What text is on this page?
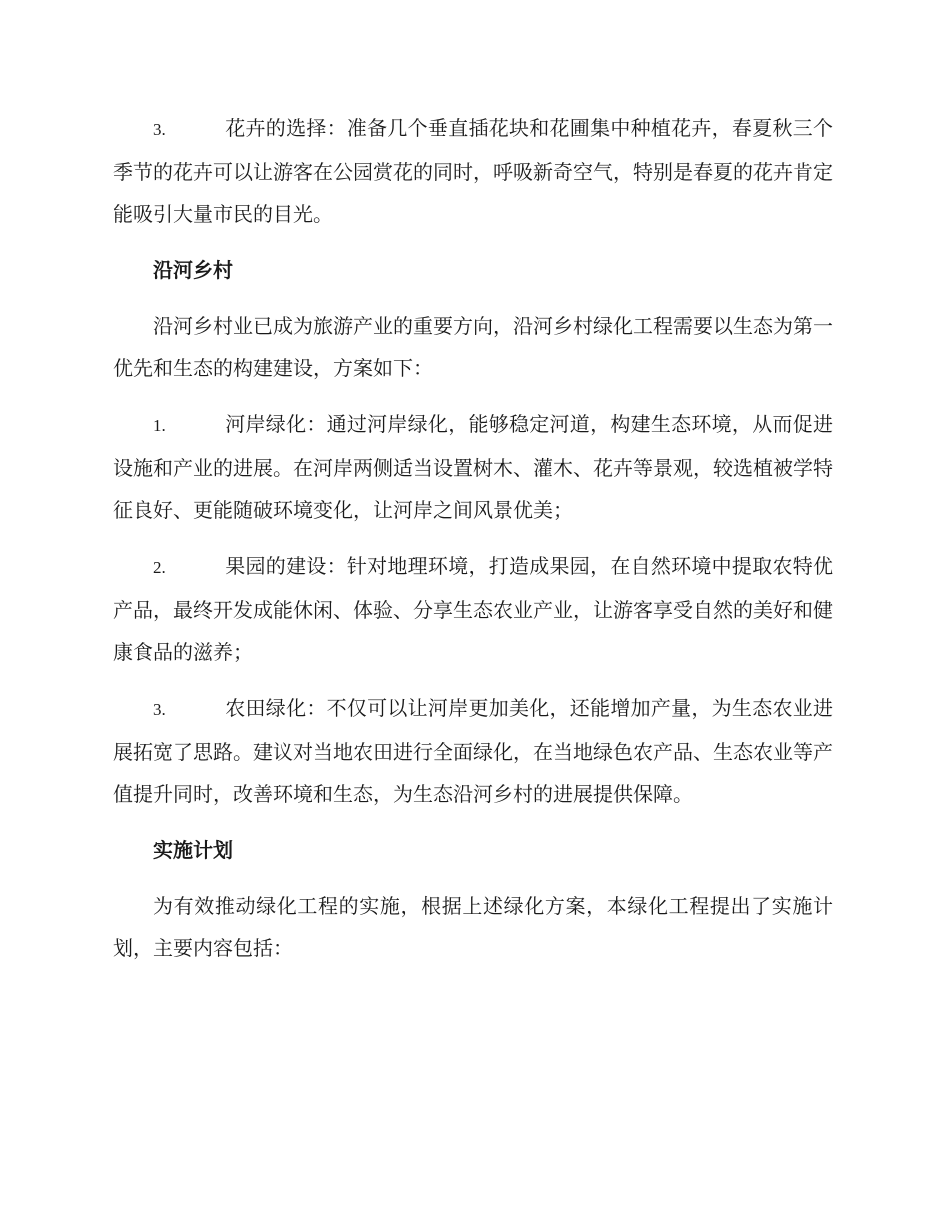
3.	花卉的选择：准备几个垂直插花块和花圃集中种植花卉，春夏秋三个季节的花卉可以让游客在公园赏花的同时，呼吸新奇空气，特别是春夏的花卉肯定能吸引大量市民的目光。

沿河乡村

沿河乡村业已成为旅游产业的重要方向，沿河乡村绿化工程需要以生态为第一优先和生态的构建建设，方案如下：

1.	河岸绿化：通过河岸绿化，能够稳定河道，构建生态环境，从而促进设施和产业的进展。在河岸两侧适当设置树木、灌木、花卉等景观，较选植被学特征良好、更能随破环境变化，让河岸之间风景优美；

2.	果园的建设：针对地理环境，打造成果园，在自然环境中提取农特优产品，最终开发成能休闲、体验、分享生态农业产业，让游客享受自然的美好和健康食品的滋养；

3.	农田绿化：不仅可以让河岸更加美化，还能增加产量，为生态农业进展拓宽了思路。建议对当地农田进行全面绿化，在当地绿色农产品、生态农业等产值提升同时，改善环境和生态，为生态沿河乡村的进展提供保障。

实施计划

为有效推动绿化工程的实施，根据上述绿化方案，本绿化工程提出了实施计划，主要内容包括：
